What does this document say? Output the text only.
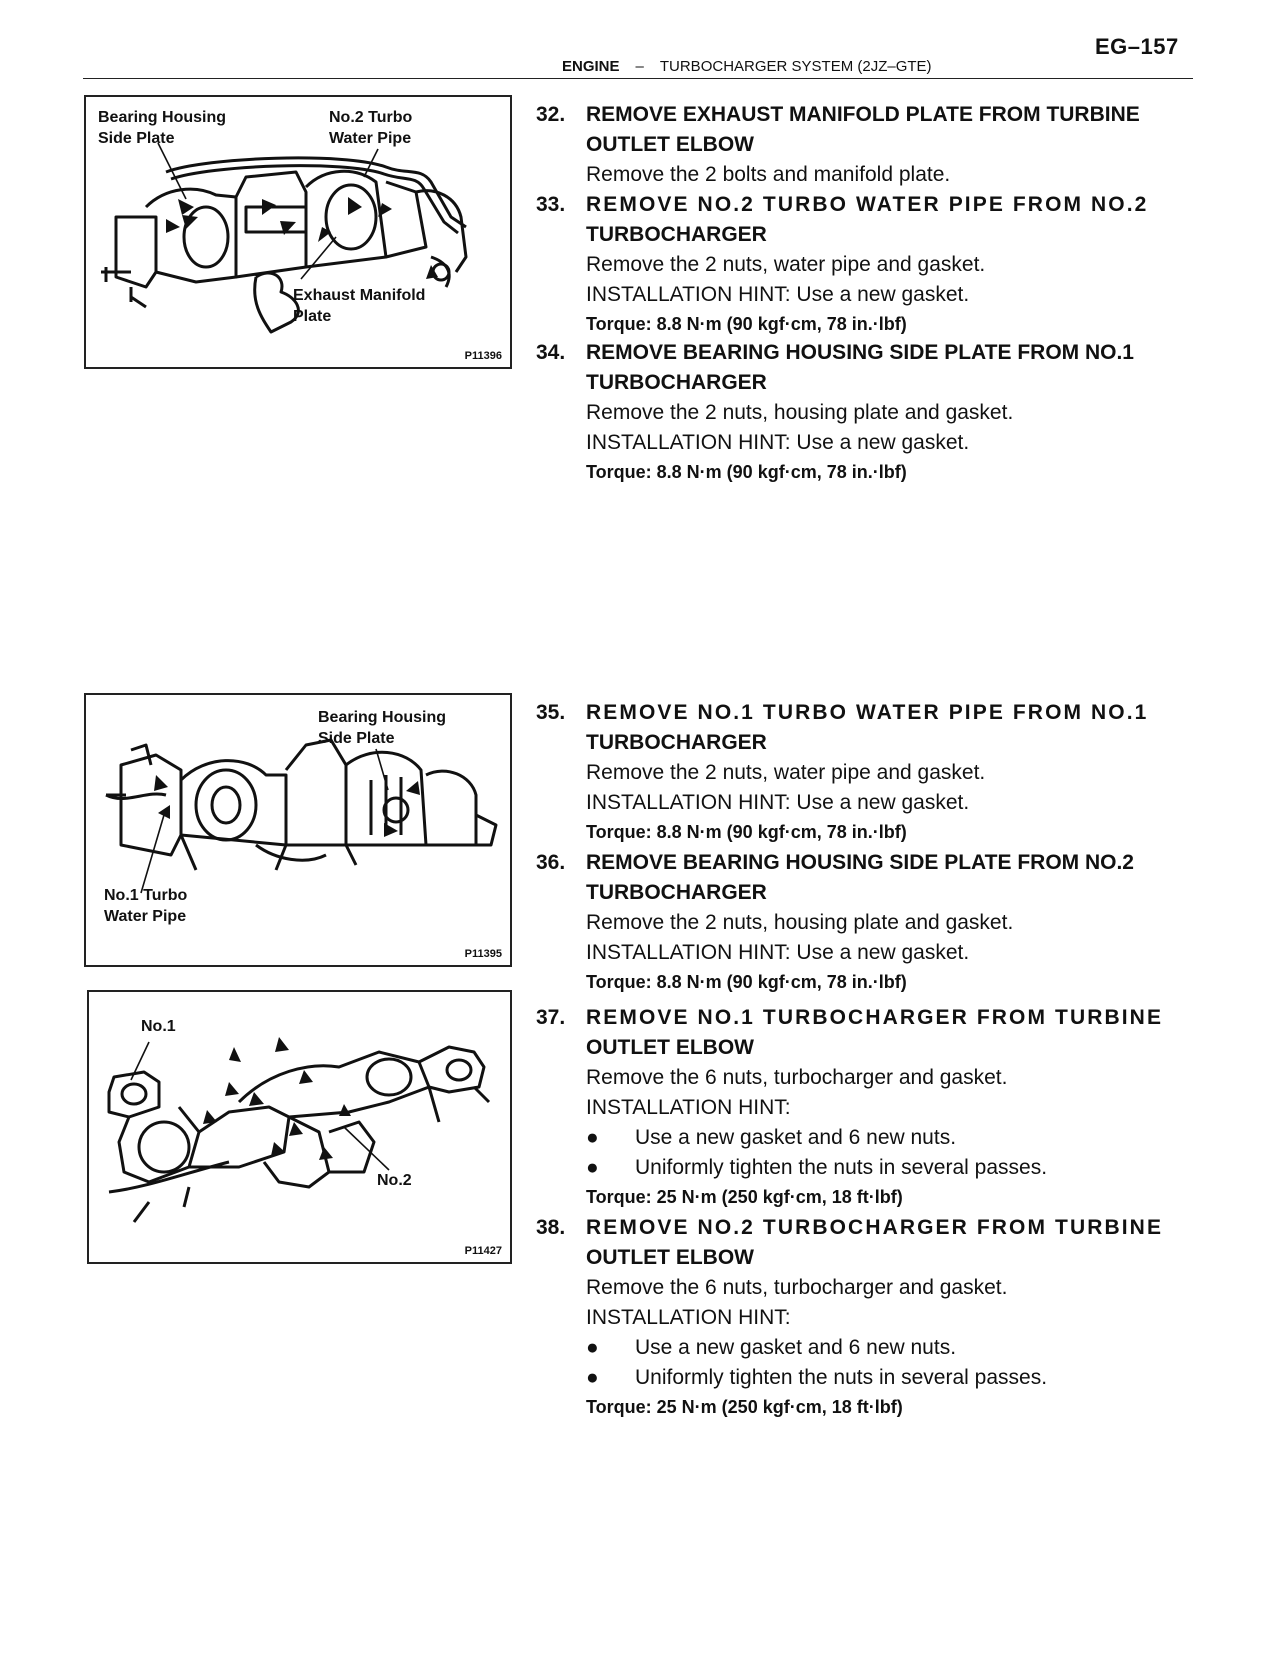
EG–157
ENGINE – TURBOCHARGER SYSTEM (2JZ–GTE)
Bearing Housing
Side Plate
No.2 Turbo
Water Pipe
Exhaust Manifold
Plate
P11396
Bearing Housing
Side Plate
No.1 Turbo
Water Pipe
P11395
No.1
No.2
P11427
32. REMOVE EXHAUST MANIFOLD PLATE FROM TURBINE
OUTLET ELBOW
Remove the 2 bolts and manifold plate.
33. REMOVE NO.2 TURBO WATER PIPE FROM NO.2
TURBOCHARGER
Remove the 2 nuts, water pipe and gasket.
INSTALLATION HINT: Use a new gasket.
Torque: 8.8 N·m (90 kgf·cm, 78 in.·lbf)
34. REMOVE BEARING HOUSING SIDE PLATE FROM NO.1
TURBOCHARGER
Remove the 2 nuts, housing plate and gasket.
INSTALLATION HINT: Use a new gasket.
Torque: 8.8 N·m (90 kgf·cm, 78 in.·lbf)
35. REMOVE NO.1 TURBO WATER PIPE FROM NO.1
TURBOCHARGER
Remove the 2 nuts, water pipe and gasket.
INSTALLATION HINT: Use a new gasket.
Torque: 8.8 N·m (90 kgf·cm, 78 in.·lbf)
36. REMOVE BEARING HOUSING SIDE PLATE FROM NO.2
TURBOCHARGER
Remove the 2 nuts, housing plate and gasket.
INSTALLATION HINT: Use a new gasket.
Torque: 8.8 N·m (90 kgf·cm, 78 in.·lbf)
37. REMOVE NO.1 TURBOCHARGER FROM TURBINE
OUTLET ELBOW
Remove the 6 nuts, turbocharger and gasket.
INSTALLATION HINT:
● Use a new gasket and 6 new nuts.
● Uniformly tighten the nuts in several passes.
Torque: 25 N·m (250 kgf·cm, 18 ft·lbf)
38. REMOVE NO.2 TURBOCHARGER FROM TURBINE
OUTLET ELBOW
Remove the 6 nuts, turbocharger and gasket.
INSTALLATION HINT:
● Use a new gasket and 6 new nuts.
● Uniformly tighten the nuts in several passes.
Torque: 25 N·m (250 kgf·cm, 18 ft·lbf)
